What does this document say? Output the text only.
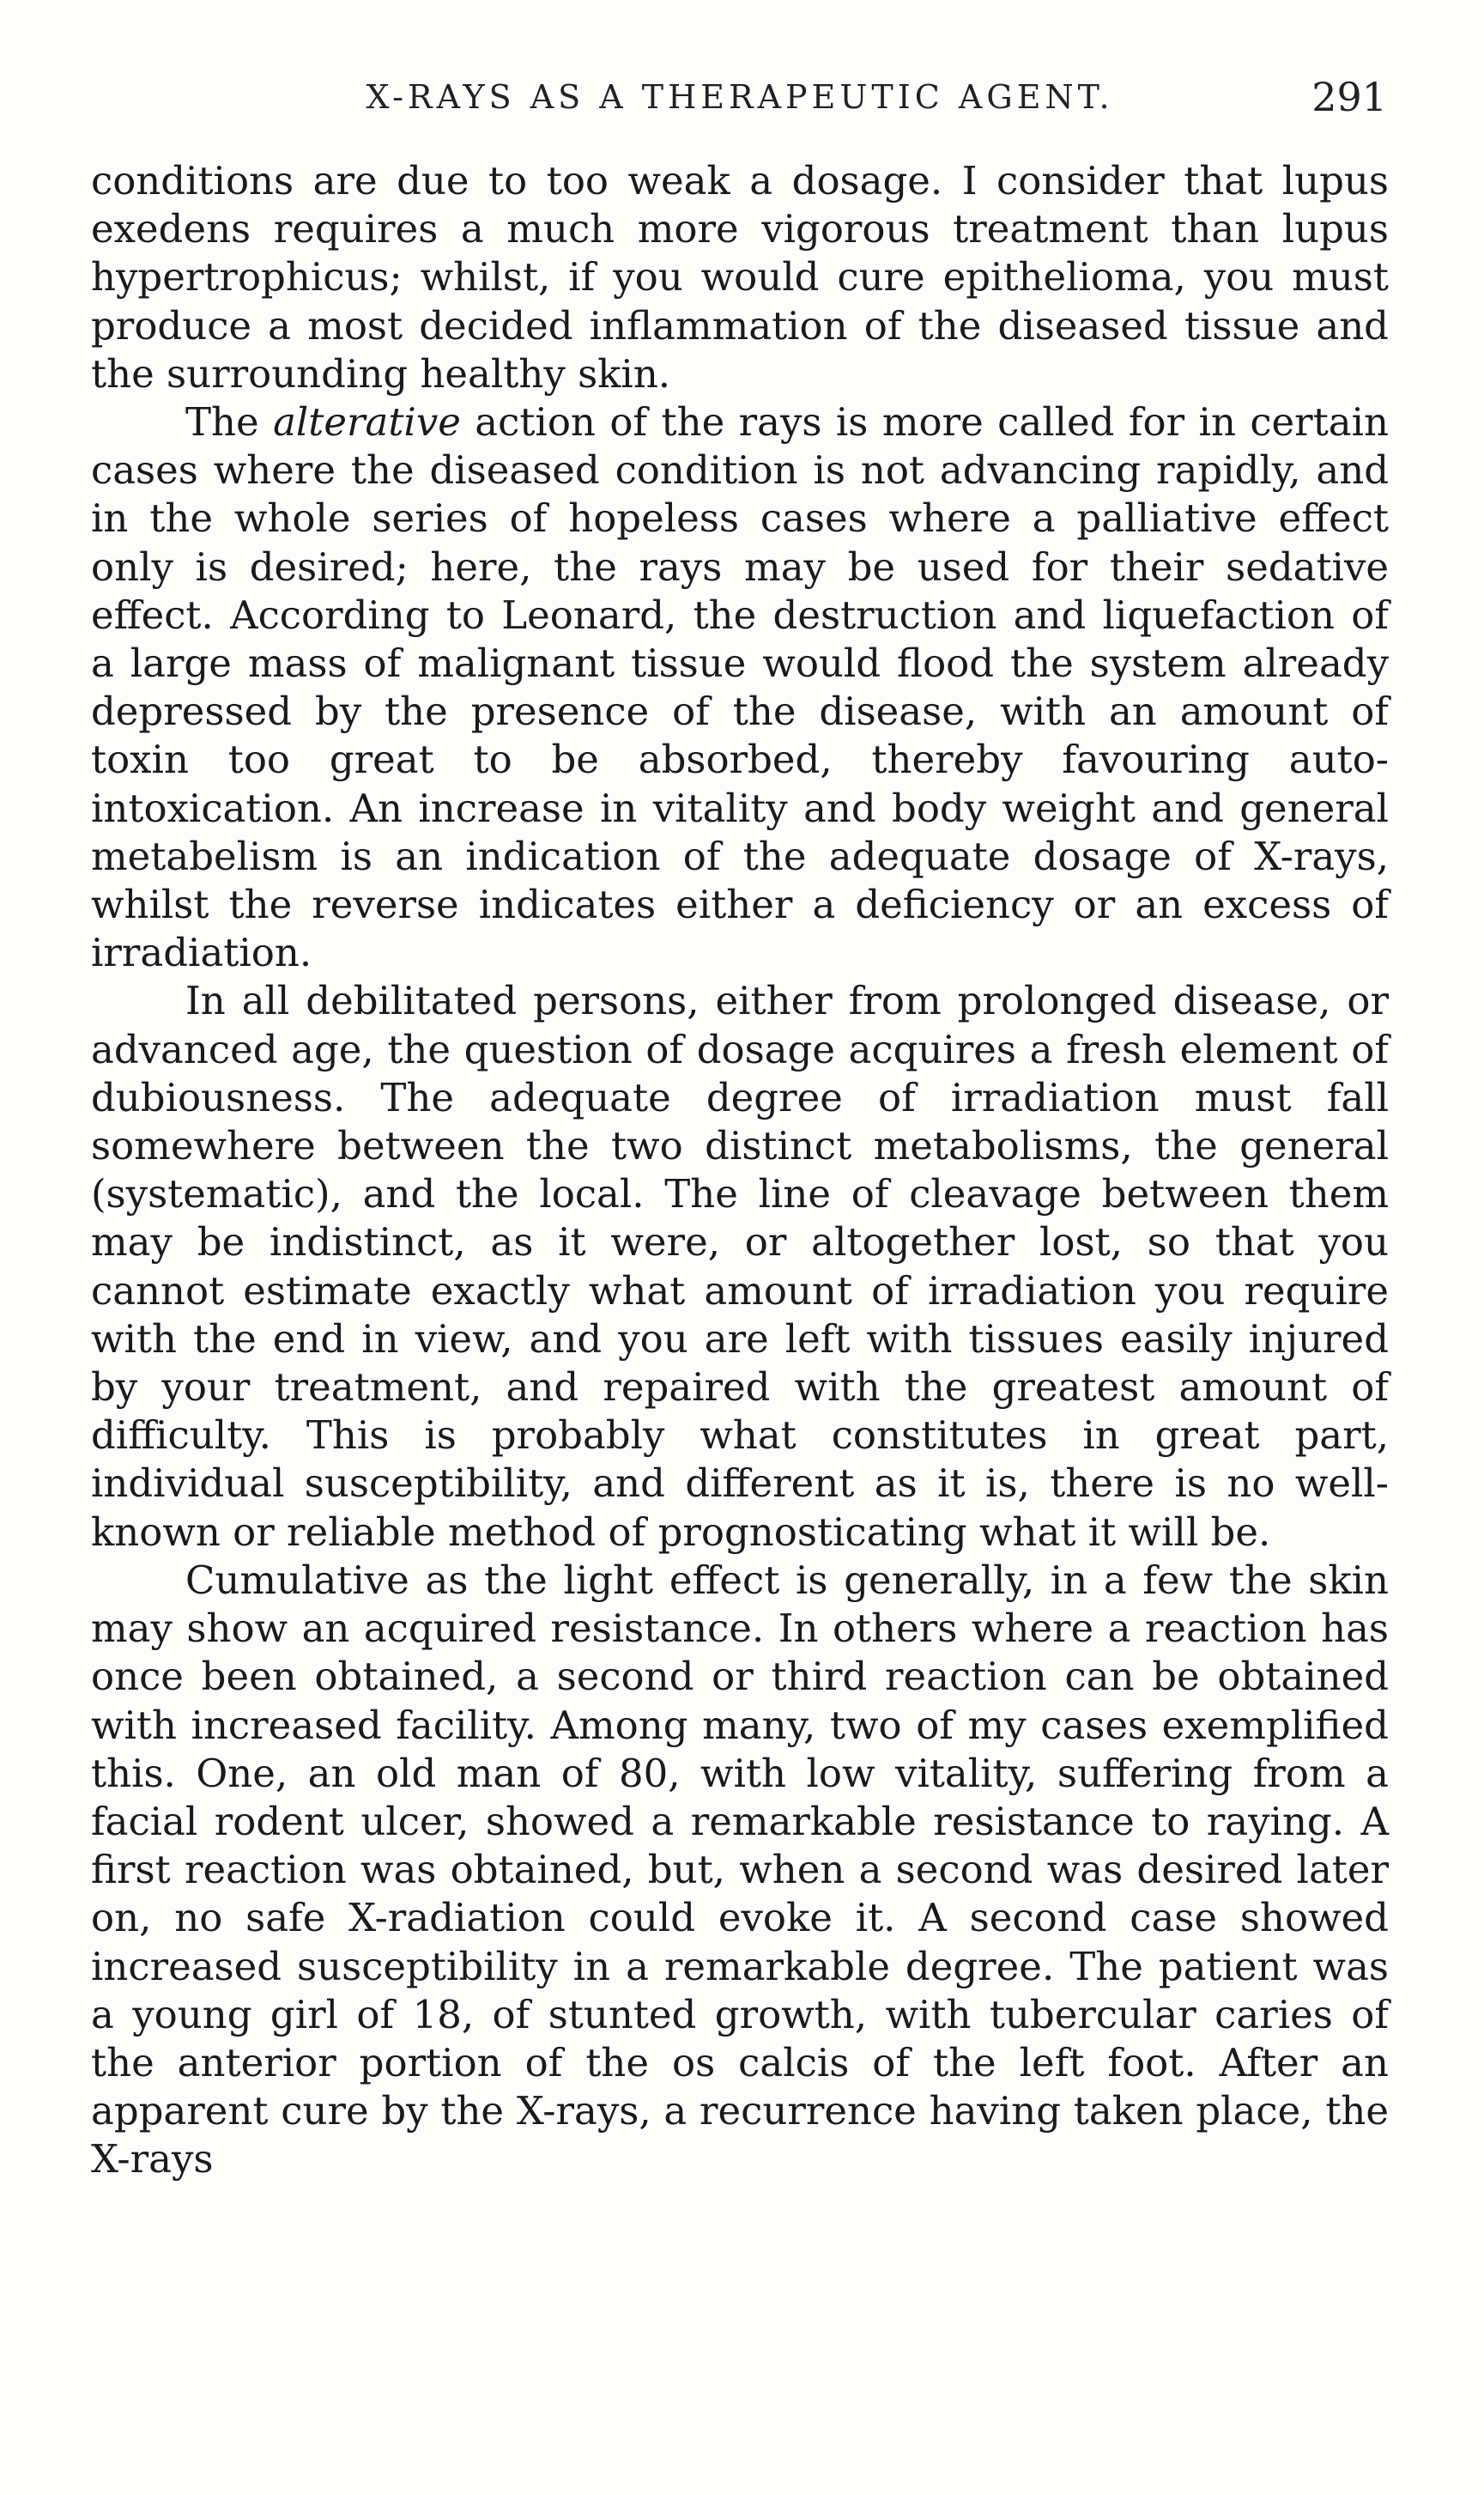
X-RAYS AS A THERAPEUTIC AGENT.	291

conditions are due to too weak a dosage. I consider that lupus exedens requires a much more vigorous treatment than lupus hypertrophicus; whilst, if you would cure epithelioma, you must produce a most decided inflammation of the diseased tissue and the surrounding healthy skin.

The alterative action of the rays is more called for in certain cases where the diseased condition is not advancing rapidly, and in the whole series of hopeless cases where a palliative effect only is desired; here, the rays may be used for their sedative effect. According to Leonard, the destruction and liquefaction of a large mass of malignant tissue would flood the system already depressed by the presence of the disease, with an amount of toxin too great to be absorbed, thereby favouring auto-intoxication. An increase in vitality and body weight and general metabelism is an indication of the adequate dosage of X-rays, whilst the reverse indicates either a deficiency or an excess of irradiation.

In all debilitated persons, either from prolonged disease, or advanced age, the question of dosage acquires a fresh element of dubiousness. The adequate degree of irradiation must fall somewhere between the two distinct metabolisms, the general (systematic), and the local. The line of cleavage between them may be indistinct, as it were, or altogether lost, so that you cannot estimate exactly what amount of irradiation you require with the end in view, and you are left with tissues easily injured by your treatment, and repaired with the greatest amount of difficulty. This is probably what constitutes in great part, individual susceptibility, and different as it is, there is no well-known or reliable method of prognosticating what it will be.

Cumulative as the light effect is generally, in a few the skin may show an acquired resistance. In others where a reaction has once been obtained, a second or third reaction can be obtained with increased facility. Among many, two of my cases exemplified this. One, an old man of 80, with low vitality, suffering from a facial rodent ulcer, showed a remarkable resistance to raying. A first reaction was obtained, but, when a second was desired later on, no safe X-radiation could evoke it. A second case showed increased susceptibility in a remarkable degree. The patient was a young girl of 18, of stunted growth, with tubercular caries of the anterior portion of the os calcis of the left foot. After an apparent cure by the X-rays, a recurrence having taken place, the X-rays
